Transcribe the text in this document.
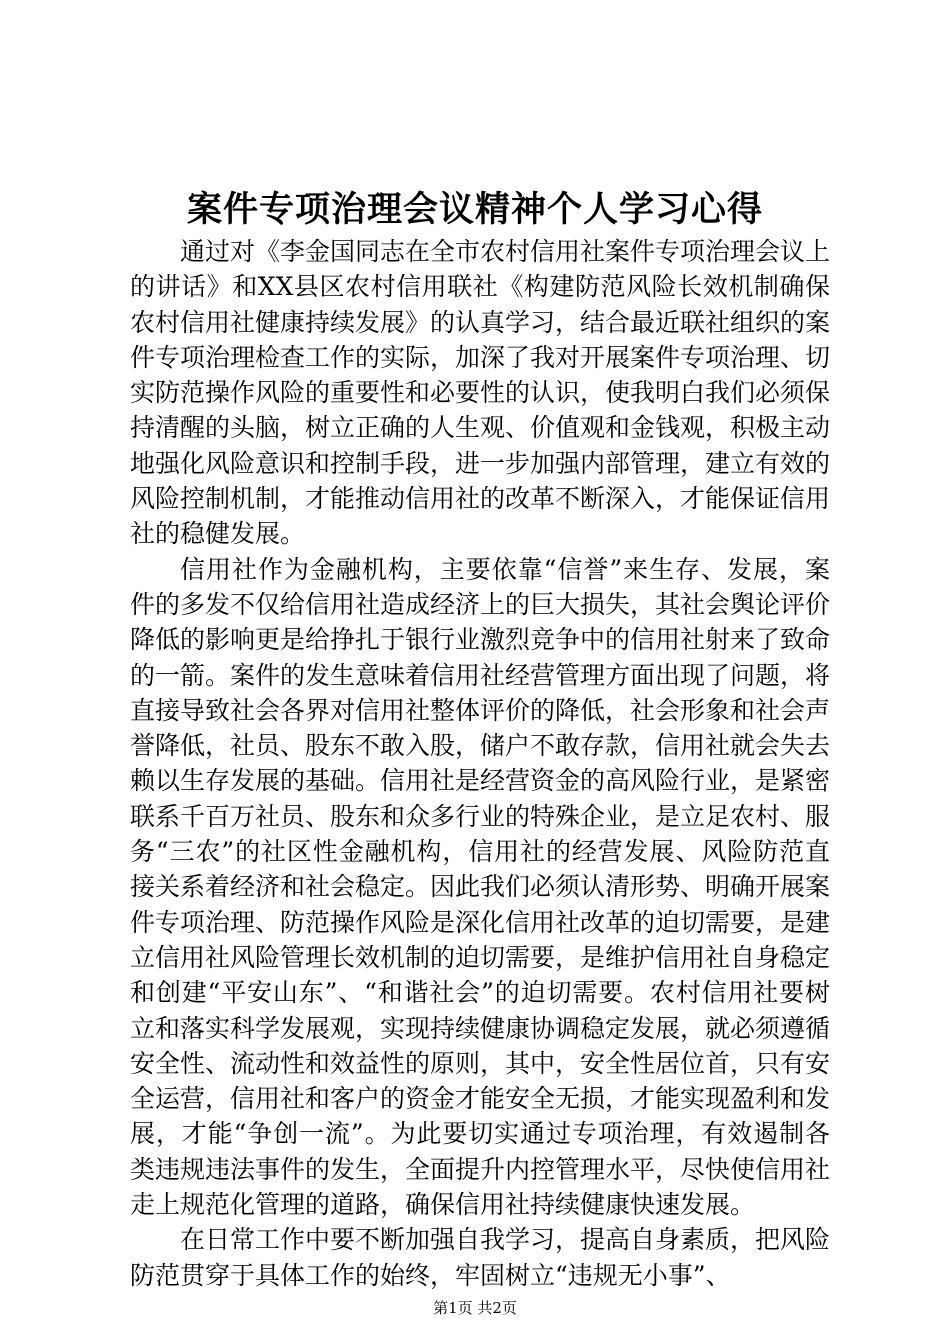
案件专项治理会议精神个人学习心得

通过对《李金国同志在全市农村信用社案件专项治理会议上的讲话》和XX县区农村信用联社《构建防范风险长效机制确保农村信用社健康持续发展》的认真学习，结合最近联社组织的案件专项治理检查工作的实际，加深了我对开展案件专项治理、切实防范操作风险的重要性和必要性的认识，使我明白我们必须保持清醒的头脑，树立正确的人生观、价值观和金钱观，积极主动地强化风险意识和控制手段，进一步加强内部管理，建立有效的风险控制机制，才能推动信用社的改革不断深入，才能保证信用社的稳健发展。

信用社作为金融机构，主要依靠“信誉”来生存、发展，案件的多发不仅给信用社造成经济上的巨大损失，其社会舆论评价降低的影响更是给挣扎于银行业激烈竞争中的信用社射来了致命的一箭。案件的发生意味着信用社经营管理方面出现了问题，将直接导致社会各界对信用社整体评价的降低，社会形象和社会声誉降低，社员、股东不敢入股，储户不敢存款，信用社就会失去赖以生存发展的基础。信用社是经营资金的高风险行业，是紧密联系千百万社员、股东和众多行业的特殊企业，是立足农村、服务“三农”的社区性金融机构，信用社的经营发展、风险防范直接关系着经济和社会稳定。因此我们必须认清形势、明确开展案件专项治理、防范操作风险是深化信用社改革的迫切需要，是建立信用社风险管理长效机制的迫切需要，是维护信用社自身稳定和创建“平安山东”、“和谐社会”的迫切需要。农村信用社要树立和落实科学发展观，实现持续健康协调稳定发展，就必须遵循安全性、流动性和效益性的原则，其中，安全性居位首，只有安全运营，信用社和客户的资金才能安全无损，才能实现盈利和发展，才能“争创一流”。为此要切实通过专项治理，有效遏制各类违规违法事件的发生，全面提升内控管理水平，尽快使信用社走上规范化管理的道路，确保信用社持续健康快速发展。

在日常工作中要不断加强自我学习，提高自身素质，把风险防范贯穿于具体工作的始终，牢固树立“违规无小事”、

第1页 共2页
